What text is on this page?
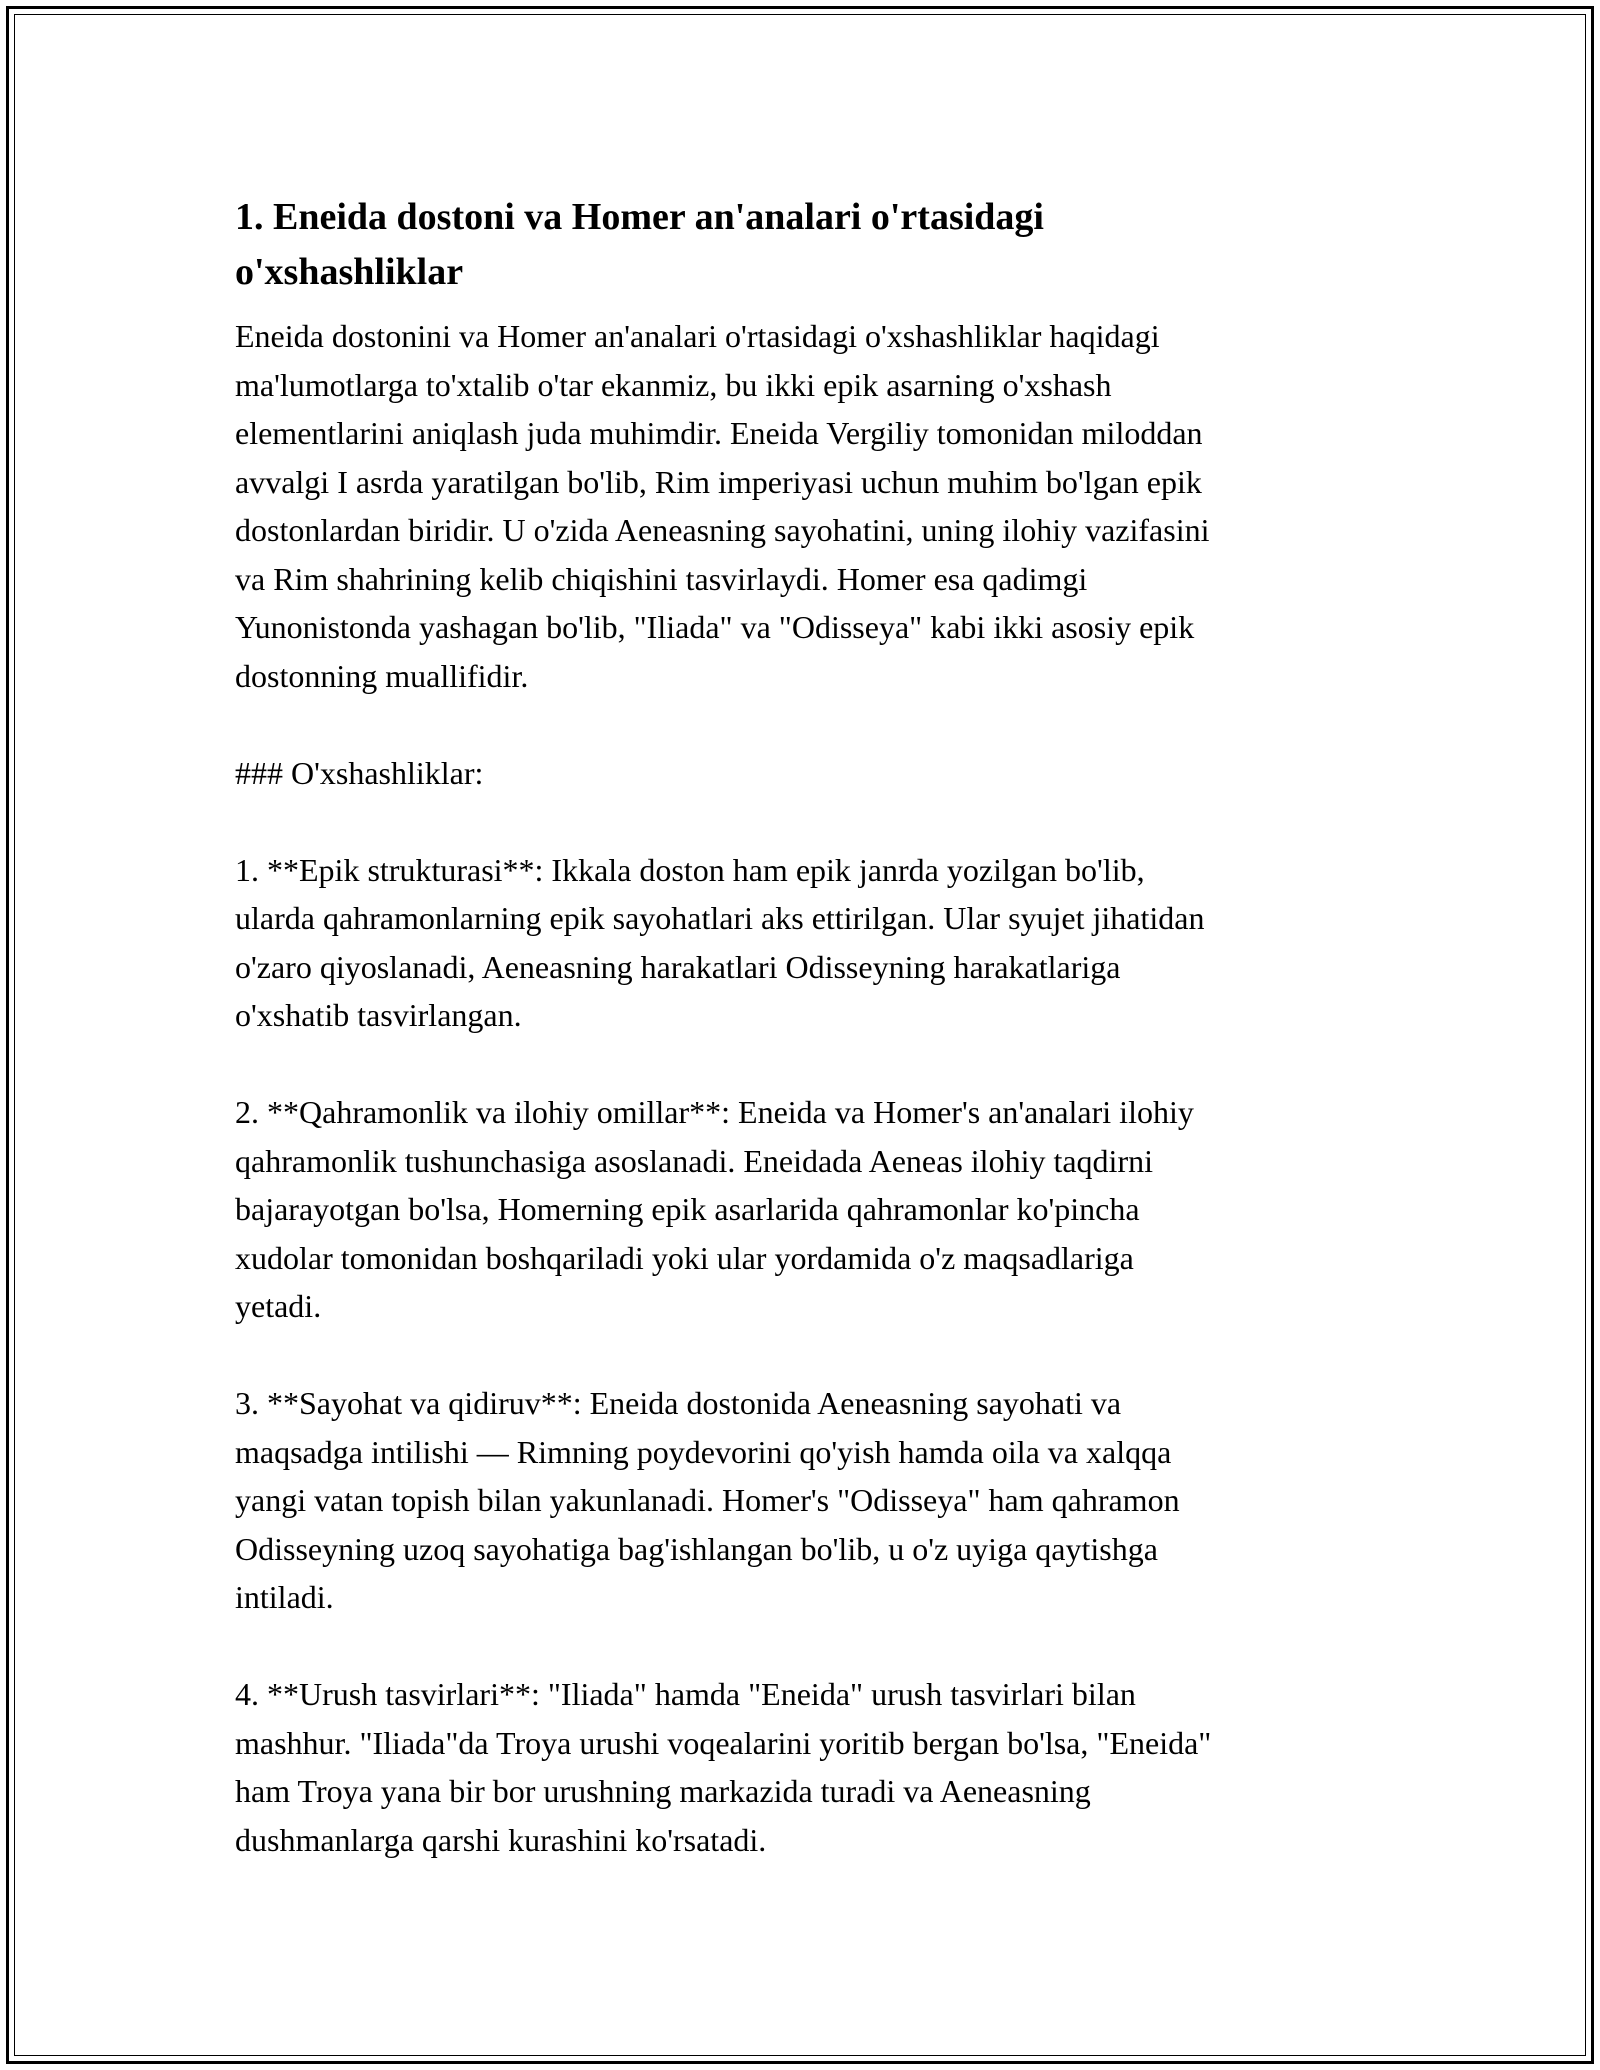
1. Eneida dostoni va Homer an'analari o'rtasidagi o'xshashliklar

Eneida dostonini va Homer an'analari o'rtasidagi o'xshashliklar haqidagi
ma'lumotlarga to'xtalib o'tar ekanmiz, bu ikki epik asarning o'xshash
elementlarini aniqlash juda muhimdir. Eneida Vergiliy tomonidan miloddan
avvalgi I asrda yaratilgan bo'lib, Rim imperiyasi uchun muhim bo'lgan epik
dostonlardan biridir. U o'zida Aeneasning sayohatini, uning ilohiy vazifasini
va Rim shahrining kelib chiqishini tasvirlaydi. Homer esa qadimgi
Yunonistonda yashagan bo'lib, "Iliada" va "Odisseya" kabi ikki asosiy epik
dostonning muallifidir.

### O'xshashliklar:

1. **Epik strukturasi**: Ikkala doston ham epik janrda yozilgan bo'lib,
ularda qahramonlarning epik sayohatlari aks ettirilgan. Ular syujet jihatidan
o'zaro qiyoslanadi, Aeneasning harakatlari Odisseyning harakatlariga
o'xshatib tasvirlangan.

2. **Qahramonlik va ilohiy omillar**: Eneida va Homer's an'analari ilohiy
qahramonlik tushunchasiga asoslanadi. Eneidada Aeneas ilohiy taqdirni
bajarayotgan bo'lsa, Homerning epik asarlarida qahramonlar ko'pincha
xudolar tomonidan boshqariladi yoki ular yordamida o'z maqsadlariga
yetadi.

3. **Sayohat va qidiruv**: Eneida dostonida Aeneasning sayohati va
maqsadga intilishi — Rimning poydevorini qo'yish hamda oila va xalqqa
yangi vatan topish bilan yakunlanadi. Homer's "Odisseya" ham qahramon
Odisseyning uzoq sayohatiga bag'ishlangan bo'lib, u o'z uyiga qaytishga
intiladi.

4. **Urush tasvirlari**: "Iliada" hamda "Eneida" urush tasvirlari bilan
mashhur. "Iliada"da Troya urushi voqealarini yoritib bergan bo'lsa, "Eneida"
ham Troya yana bir bor urushning markazida turadi va Aeneasning
dushmanlarga qarshi kurashini ko'rsatadi.
